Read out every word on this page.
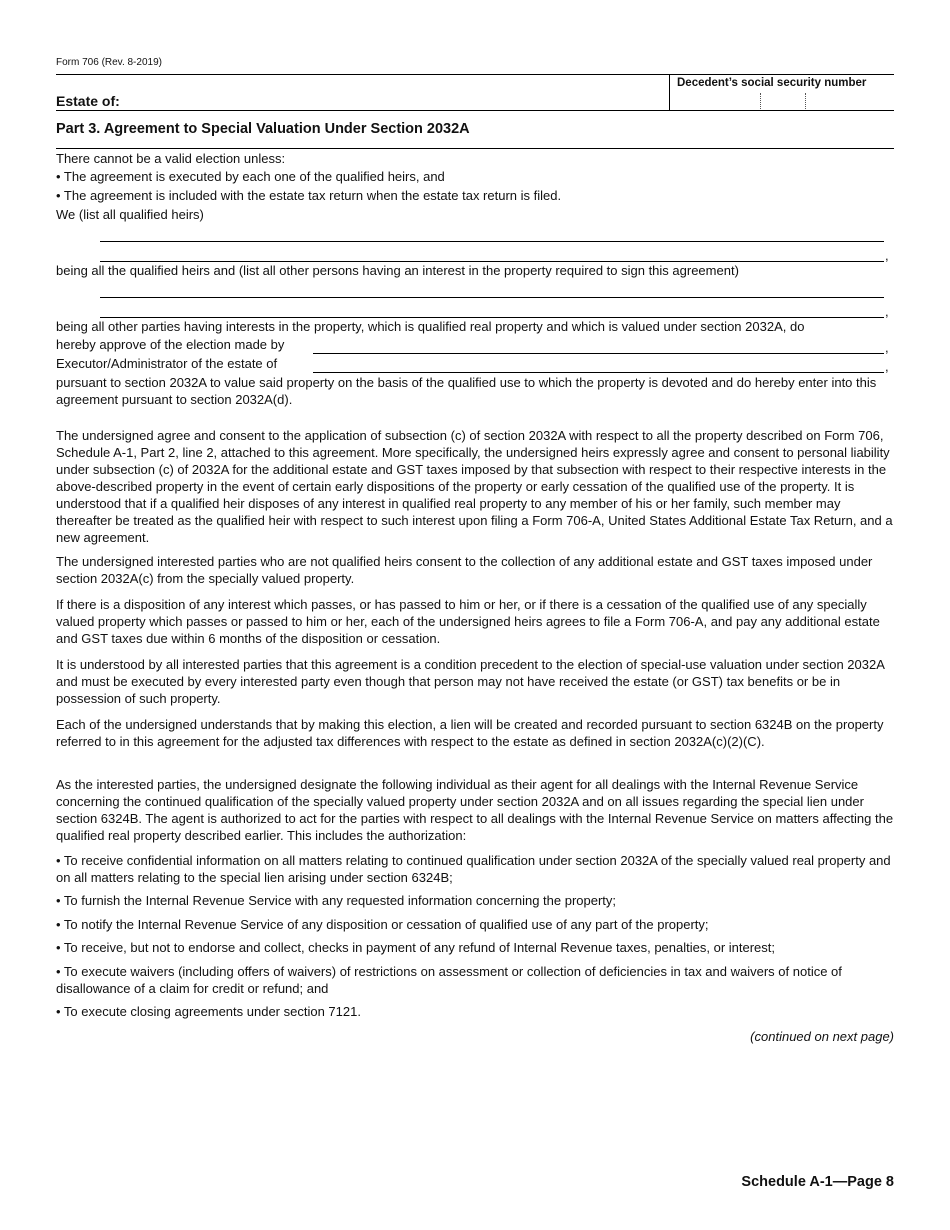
Form 706 (Rev. 8-2019)
Estate of:
Decedent’s social security number
Part 3. Agreement to Special Valuation Under Section 2032A
There cannot be a valid election unless:
• The agreement is executed by each one of the qualified heirs, and
• The agreement is included with the estate tax return when the estate tax return is filed.
We (list all qualified heirs)
,
being all the qualified heirs and (list all other persons having an interest in the property required to sign this agreement)
,
being all other parties having interests in the property, which is qualified real property and which is valued under section 2032A, do
hereby approve of the election made by	,
Executor/Administrator of the estate of	,

pursuant to section 2032A to value said property on the basis of the qualified use to which the property is devoted and do hereby enter into this agreement pursuant to section 2032A(d).

The undersigned agree and consent to the application of subsection (c) of section 2032A with respect to all the property described on Form 706, Schedule A-1, Part 2, line 2, attached to this agreement. More specifically, the undersigned heirs expressly agree and consent to personal liability under subsection (c) of 2032A for the additional estate and GST taxes imposed by that subsection with respect to their respective interests in the above-described property in the event of certain early dispositions of the property or early cessation of the qualified use of the property. It is understood that if a qualified heir disposes of any interest in qualified real property to any member of his or her family, such member may thereafter be treated as the qualified heir with respect to such interest upon filing a Form 706-A, United States Additional Estate Tax Return, and a new agreement.

The undersigned interested parties who are not qualified heirs consent to the collection of any additional estate and GST taxes imposed under section 2032A(c) from the specially valued property.

If there is a disposition of any interest which passes, or has passed to him or her, or if there is a cessation of the qualified use of any specially valued property which passes or passed to him or her, each of the undersigned heirs agrees to file a Form 706-A, and pay any additional estate and GST taxes due within 6 months of the disposition or cessation.

It is understood by all interested parties that this agreement is a condition precedent to the election of special-use valuation under section 2032A and must be executed by every interested party even though that person may not have received the estate (or GST) tax benefits or be in possession of such property.

Each of the undersigned understands that by making this election, a lien will be created and recorded pursuant to section 6324B on the property referred to in this agreement for the adjusted tax differences with respect to the estate as defined in section 2032A(c)(2)(C).

As the interested parties, the undersigned designate the following individual as their agent for all dealings with the Internal Revenue Service concerning the continued qualification of the specially valued property under section 2032A and on all issues regarding the special lien under section 6324B. The agent is authorized to act for the parties with respect to all dealings with the Internal Revenue Service on matters affecting the qualified real property described earlier. This includes the authorization:

• To receive confidential information on all matters relating to continued qualification under section 2032A of the specially valued real property and on all matters relating to the special lien arising under section 6324B;

• To furnish the Internal Revenue Service with any requested information concerning the property;

• To notify the Internal Revenue Service of any disposition or cessation of qualified use of any part of the property;

• To receive, but not to endorse and collect, checks in payment of any refund of Internal Revenue taxes, penalties, or interest;

• To execute waivers (including offers of waivers) of restrictions on assessment or collection of deficiencies in tax and waivers of notice of disallowance of a claim for credit or refund; and

• To execute closing agreements under section 7121.

(continued on next page)
Schedule A-1—Page 8
